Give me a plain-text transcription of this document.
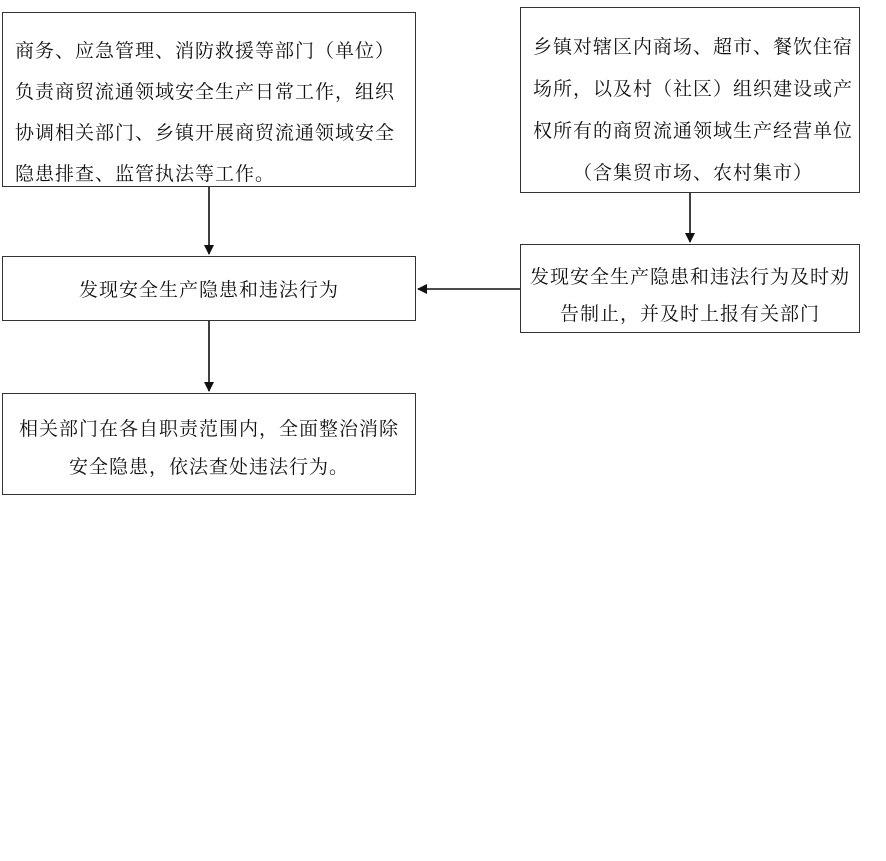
商务、应急管理、消防救援等部门（单位）负责商贸流通领域安全生产日常工作，组织协调相关部门、乡镇开展商贸流通领域安全隐患排查、监管执法等工作。
乡镇对辖区内商场、超市、餐饮住宿场所，以及村（社区）组织建设或产权所有的商贸流通领域生产经营单位（含集贸市场、农村集市）
发现安全生产隐患和违法行为
发现安全生产隐患和违法行为及时劝告制止，并及时上报有关部门
相关部门在各自职责范围内，全面整治消除安全隐患，依法查处违法行为。
